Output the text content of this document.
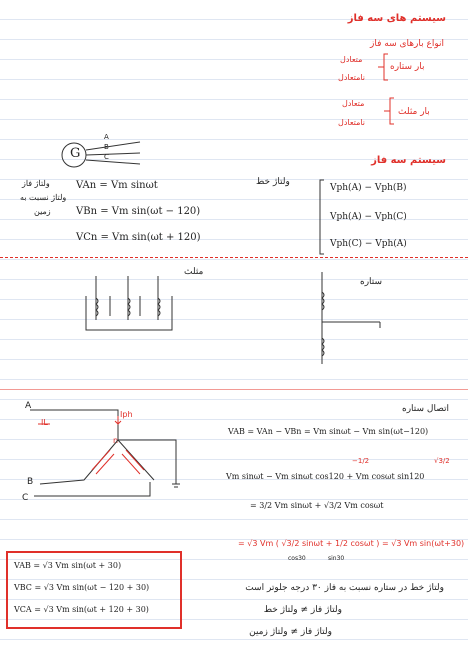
سیستم های سه فاز
انواع بارهای سه فاز
بار ستاره
متعادل
نامتعادل
بار مثلث
متعادل
نامتعادل
سیستم سه فاز
G
A
B
C
ولتاژ فاز
ولتاژ نسبت به
زمین
ولتاژ خط
VAn = Vm sinωt
VBn = Vm sin(ωt − 120)
VCn = Vm sin(ωt + 120)
Vph(A) − Vph(B)
Vph(A) − Vph(C)
Vph(C) − Vph(A)
مثلث
ستاره
اتصال ستاره
A
B
C
n
IL
Iph
VAB = VAn − VBn = Vm sinωt − Vm sin(ωt−120)
−1/2	√3/2
Vm sinωt − Vm sinωt cos120 + Vm cosωt sin120
= 3/2 Vm sinωt + √3/2 Vm cosωt
= √3 Vm ( √3/2 sinωt + 1/2 cosωt ) = √3 Vm sin(ωt+30)
cos30	sin30
ولتاژ خط در ستاره نسبت به فاز ۳۰ درجه جلوتر است
ولتاژ فاز ≠ ولتاژ خط
ولتاژ فاز ≠ ولتاژ زمین
VAB = √3 Vm sin(ωt + 30)
VBC = √3 Vm sin(ωt − 120 + 30)
VCA = √3 Vm sin(ωt + 120 + 30)
